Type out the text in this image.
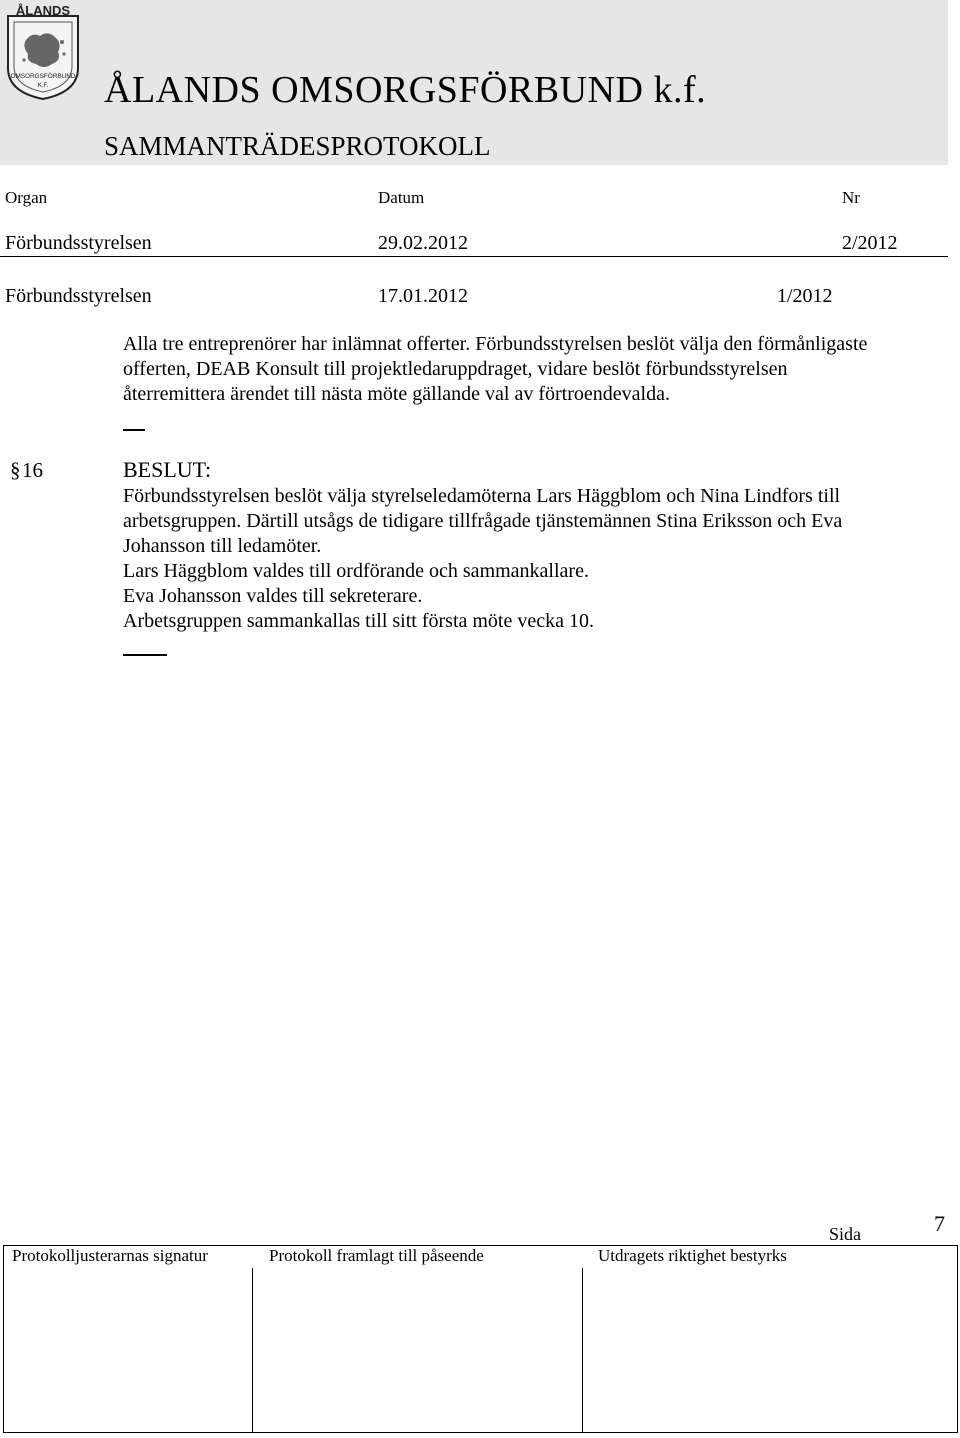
ÅLANDS
OMSORGSFÖRBUND
K.F. ÅLANDS OMSORGSFÖRBUND k.f.
SAMMANTRÄDESPROTOKOLL
Organ	Datum	Nr
Förbundsstyrelsen	29.02.2012	2/2012
Förbundsstyrelsen	17.01.2012	1/2012
Alla tre entreprenörer har inlämnat offerter. Förbundsstyrelsen beslöt välja den förmånligaste
offerten, DEAB Konsult till projektledaruppdraget, vidare beslöt förbundsstyrelsen
återremittera ärendet till nästa möte gällande val av förtroendevalda.
§ 16	BESLUT:
Förbundsstyrelsen beslöt välja styrelseledamöterna Lars Häggblom och Nina Lindfors till
arbetsgruppen. Därtill utsågs de tidigare tillfrågade tjänstemännen Stina Eriksson och Eva
Johansson till ledamöter.
Lars Häggblom valdes till ordförande och sammankallare.
Eva Johansson valdes till sekreterare.
Arbetsgruppen sammankallas till sitt första möte vecka 10.
Sida	7
Protokolljusterarnas signatur	Protokoll framlagt till påseende	Utdragets riktighet bestyrks
